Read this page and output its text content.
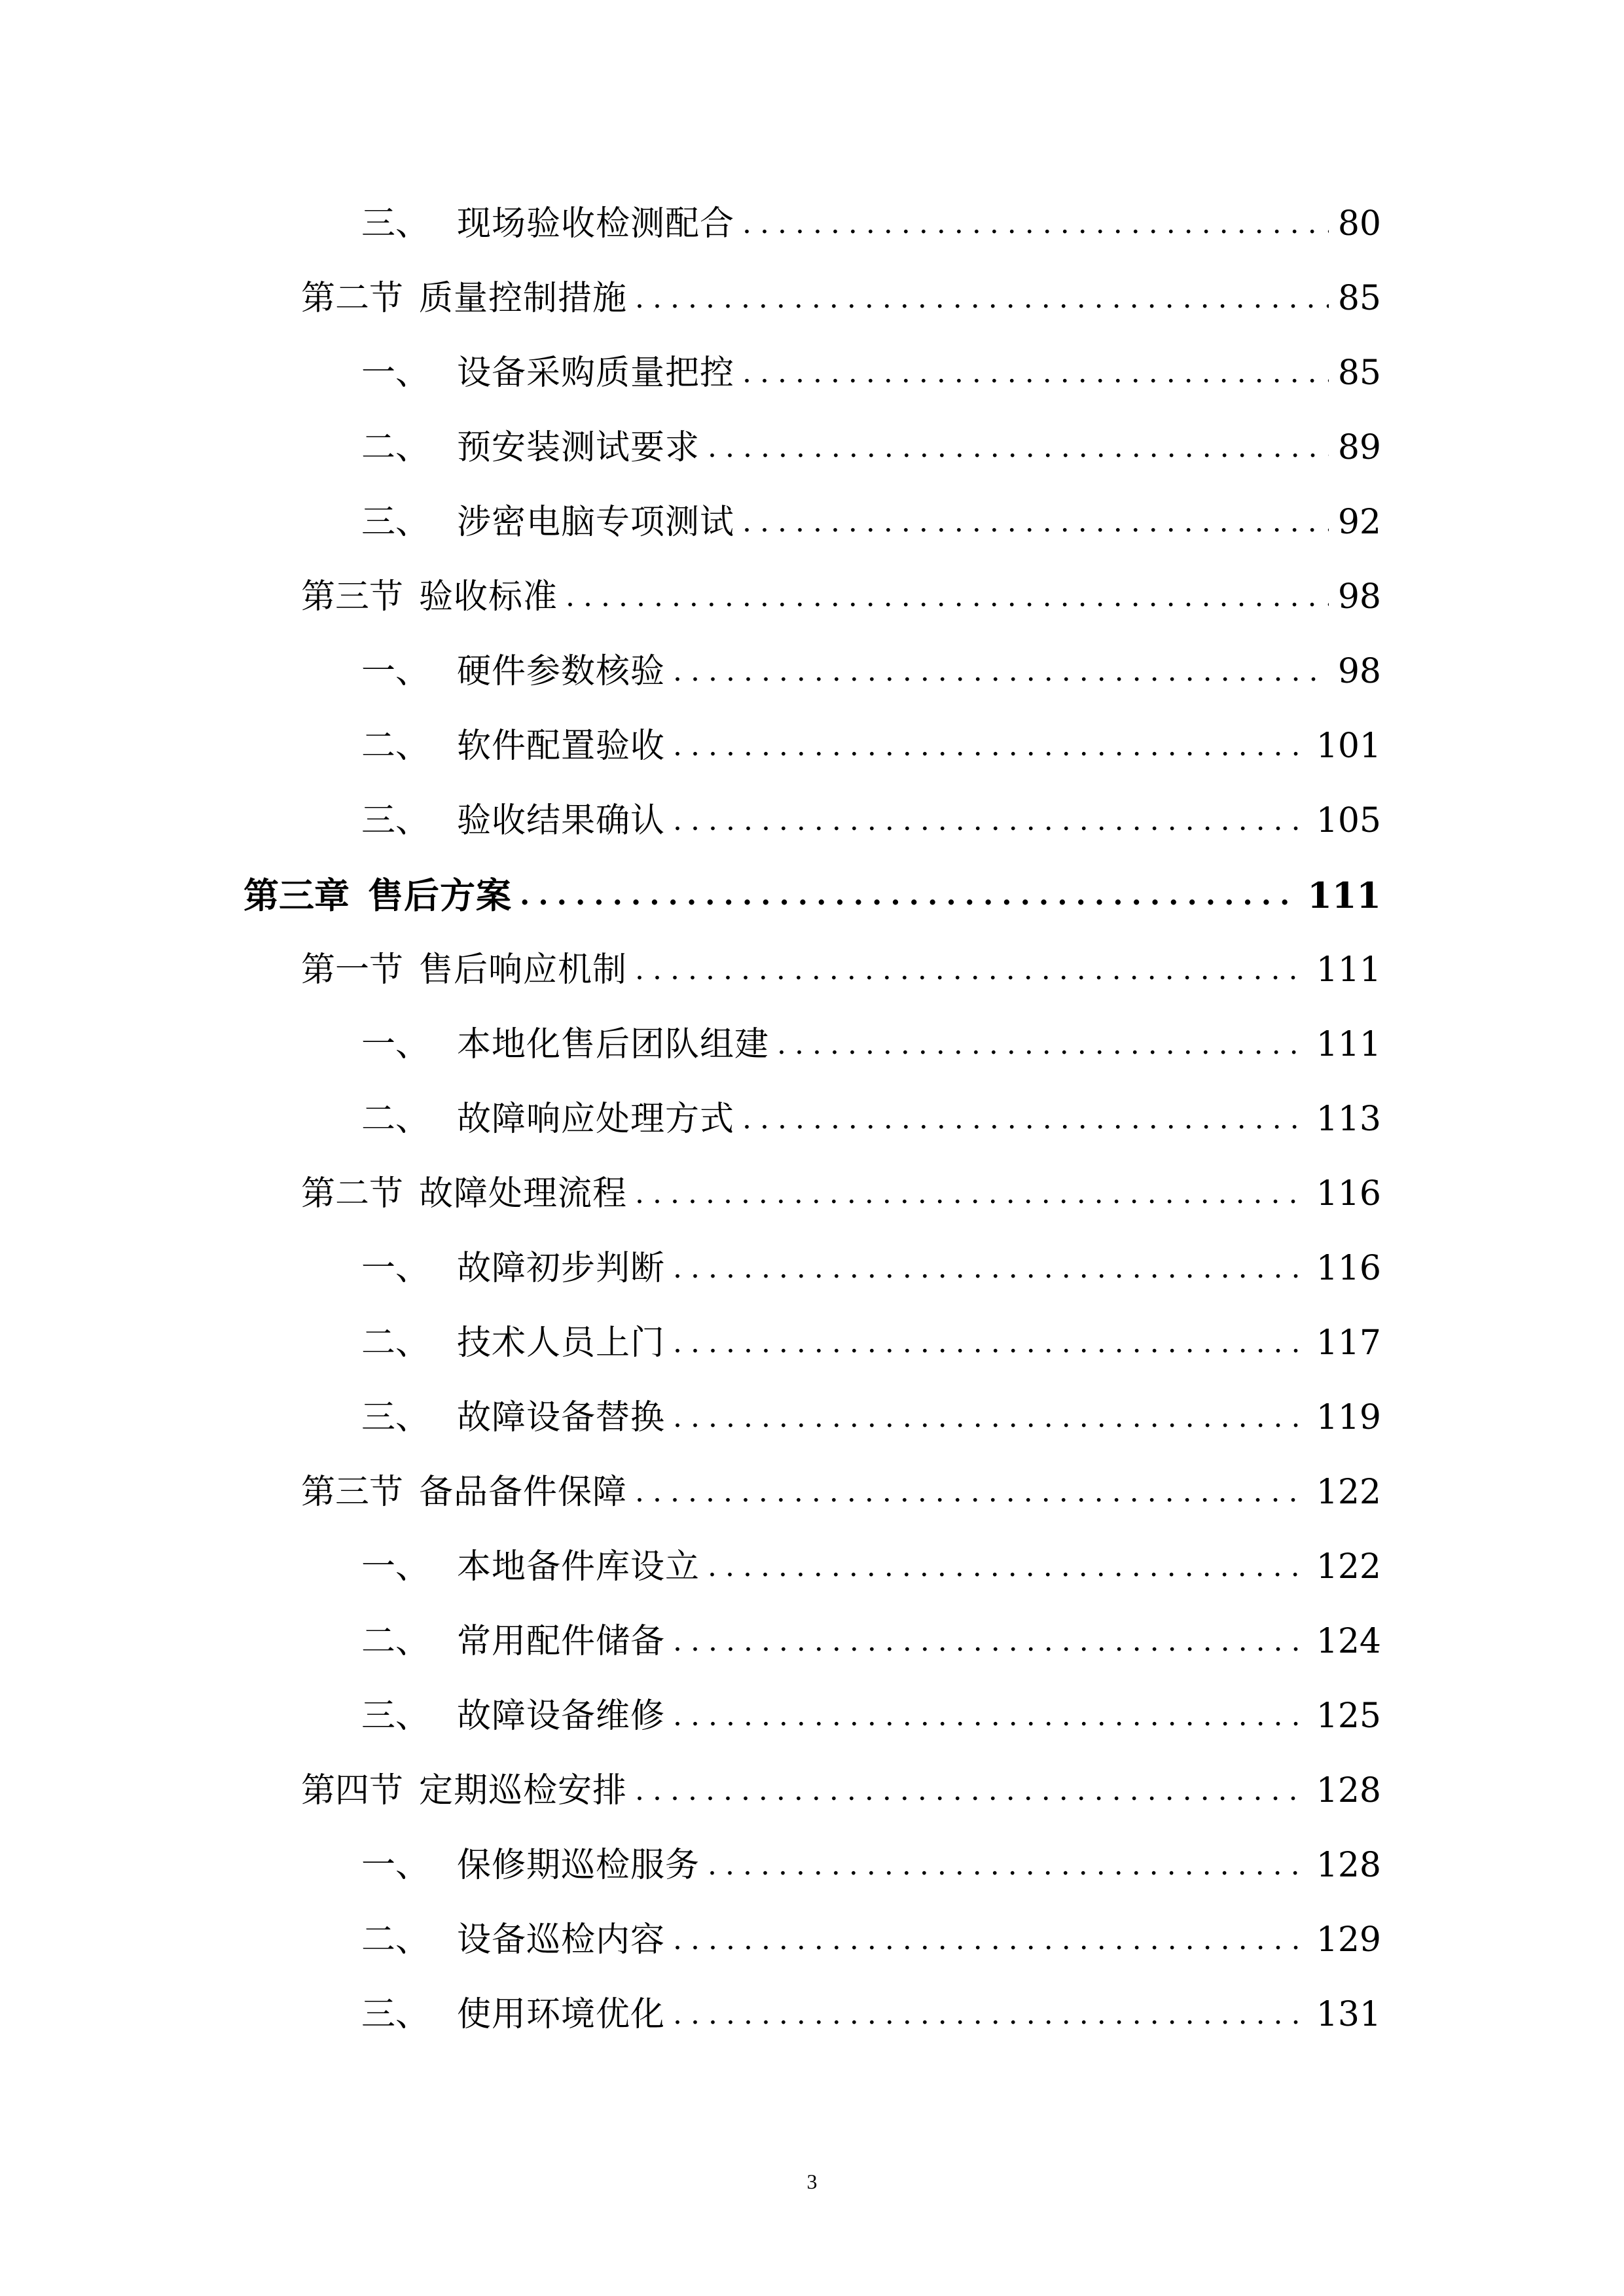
三、 现场验收检测配合 .....	80
第二节 质量控制措施 .....	85
一、 设备采购质量把控 .....	85
二、 预安装测试要求 .....	89
三、 涉密电脑专项测试 .....	92
第三节 验收标准 .....	98
一、 硬件参数核验 .....	98
二、 软件配置验收 .....	101
三、 验收结果确认 .....	105
第三章 售后方案 .....	111
第一节 售后响应机制 .....	111
一、 本地化售后团队组建 .....	111
二、 故障响应处理方式 .....	113
第二节 故障处理流程 .....	116
一、 故障初步判断 .....	116
二、 技术人员上门 .....	117
三、 故障设备替换 .....	119
第三节 备品备件保障 .....	122
一、 本地备件库设立 .....	122
二、 常用配件储备 .....	124
三、 故障设备维修 .....	125
第四节 定期巡检安排 .....	128
一、 保修期巡检服务 .....	128
二、 设备巡检内容 .....	129
三、 使用环境优化 .....	131
3
